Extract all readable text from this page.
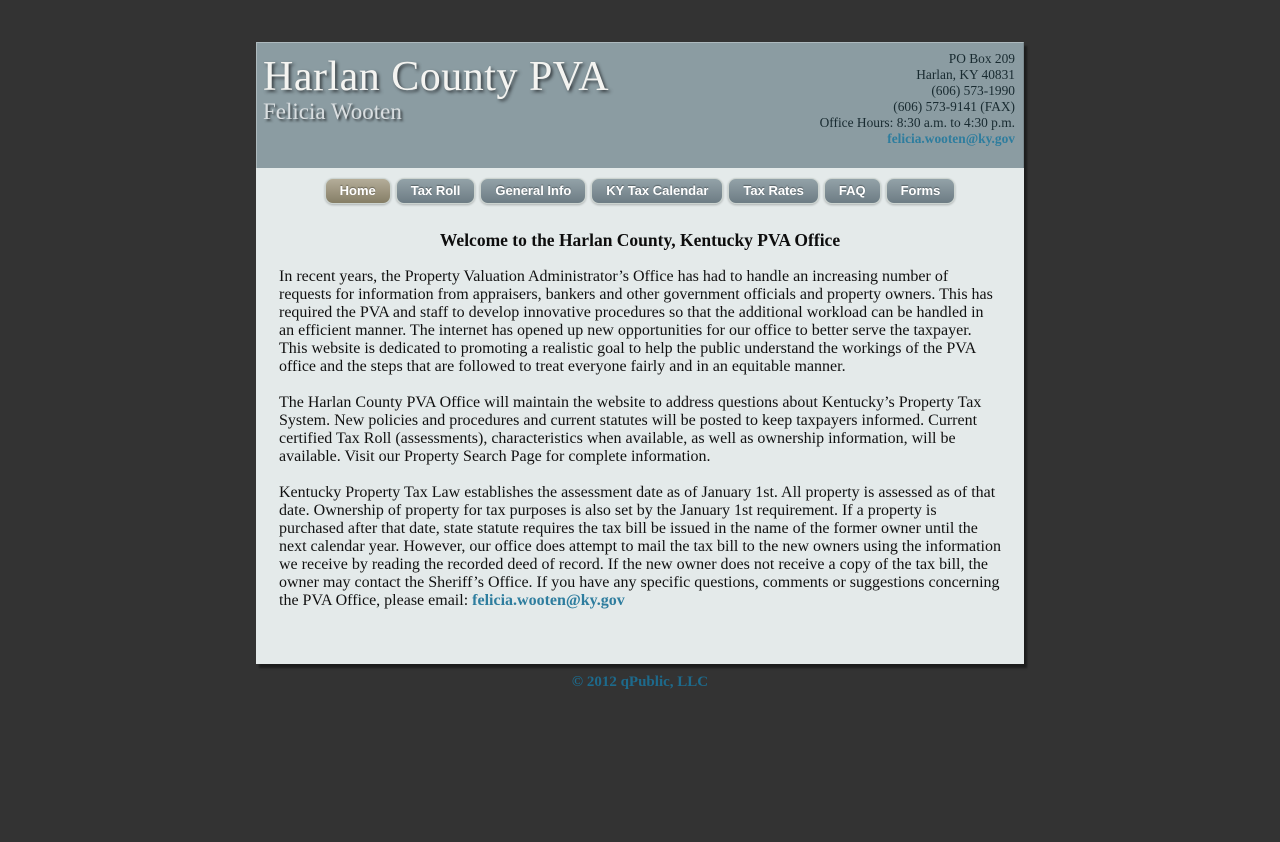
Harlan County PVA
Felicia Wooten
PO Box 209
Harlan, KY 40831
(606) 573-1990
(606) 573-9141 (FAX)
Office Hours: 8:30 a.m. to 4:30 p.m.
felicia.wooten@ky.gov
Home	Tax Roll	General Info	KY Tax Calendar	Tax Rates	FAQ	Forms
Welcome to the Harlan County, Kentucky PVA Office

In recent years, the Property Valuation Administrator’s Office has had to handle an increasing number of requests for information from appraisers, bankers and other government officials and property owners. This has required the PVA and staff to develop innovative procedures so that the additional workload can be handled in an efficient manner. The internet has opened up new opportunities for our office to better serve the taxpayer. This website is dedicated to promoting a realistic goal to help the public understand the workings of the PVA office and the steps that are followed to treat everyone fairly and in an equitable manner.

The Harlan County PVA Office will maintain the website to address questions about Kentucky’s Property Tax System. New policies and procedures and current statutes will be posted to keep taxpayers informed. Current certified Tax Roll (assessments), characteristics when available, as well as ownership information, will be available. Visit our Property Search Page for complete information.

Kentucky Property Tax Law establishes the assessment date as of January 1st. All property is assessed as of that date. Ownership of property for tax purposes is also set by the January 1st requirement. If a property is purchased after that date, state statute requires the tax bill be issued in the name of the former owner until the next calendar year. However, our office does attempt to mail the tax bill to the new owners using the information we receive by reading the recorded deed of record. If the new owner does not receive a copy of the tax bill, the owner may contact the Sheriff’s Office. If you have any specific questions, comments or suggestions concerning the PVA Office, please email: felicia.wooten@ky.gov

© 2012 qPublic, LLC
